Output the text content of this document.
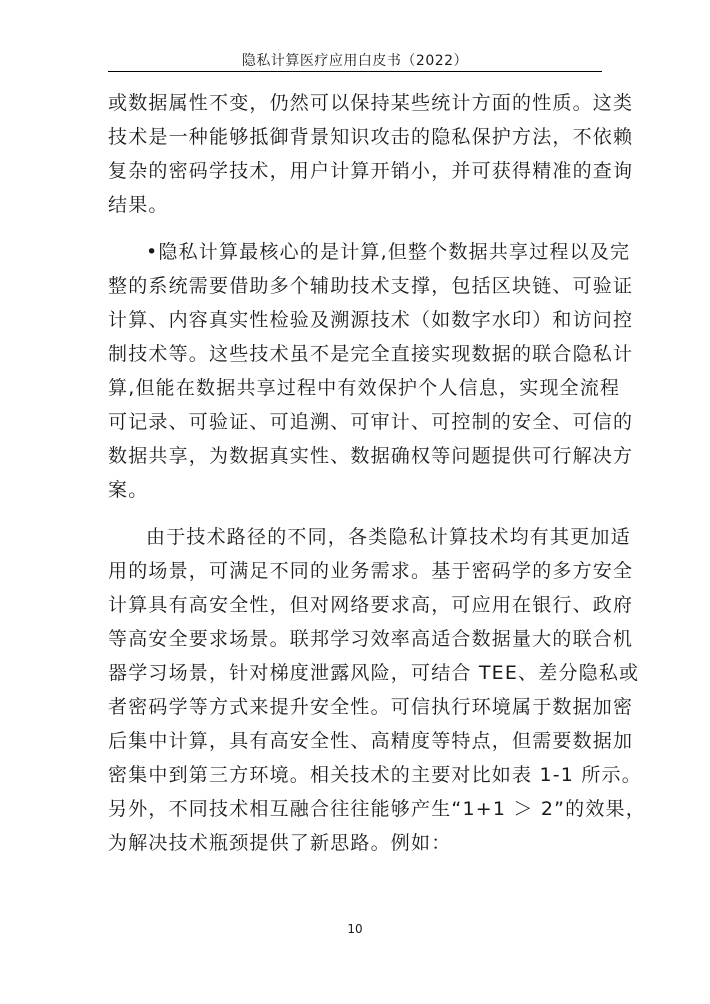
隐私计算医疗应用白皮书（2022）

或数据属性不变，仍然可以保持某些统计方面的性质。这类
技术是一种能够抵御背景知识攻击的隐私保护方法，不依赖
复杂的密码学技术，用户计算开销小，并可获得精准的查询
结果。

•隐私计算最核心的是计算,但整个数据共享过程以及完
整的系统需要借助多个辅助技术支撑，包括区块链、可验证
计算、内容真实性检验及溯源技术（如数字水印）和访问控
制技术等。这些技术虽不是完全直接实现数据的联合隐私计
算,但能在数据共享过程中有效保护个人信息，实现全流程
可记录、可验证、可追溯、可审计、可控制的安全、可信的
数据共享，为数据真实性、数据确权等问题提供可行解决方
案。

由于技术路径的不同，各类隐私计算技术均有其更加适
用的场景，可满足不同的业务需求。基于密码学的多方安全
计算具有高安全性，但对网络要求高，可应用在银行、政府
等高安全要求场景。联邦学习效率高适合数据量大的联合机
器学习场景，针对梯度泄露风险，可结合 TEE、差分隐私或
者密码学等方式来提升安全性。可信执行环境属于数据加密
后集中计算，具有高安全性、高精度等特点，但需要数据加
密集中到第三方环境。相关技术的主要对比如表 1-1 所示。
另外，不同技术相互融合往往能够产生“1+1 ＞ 2”的效果，
为解决技术瓶颈提供了新思路。例如：

10
